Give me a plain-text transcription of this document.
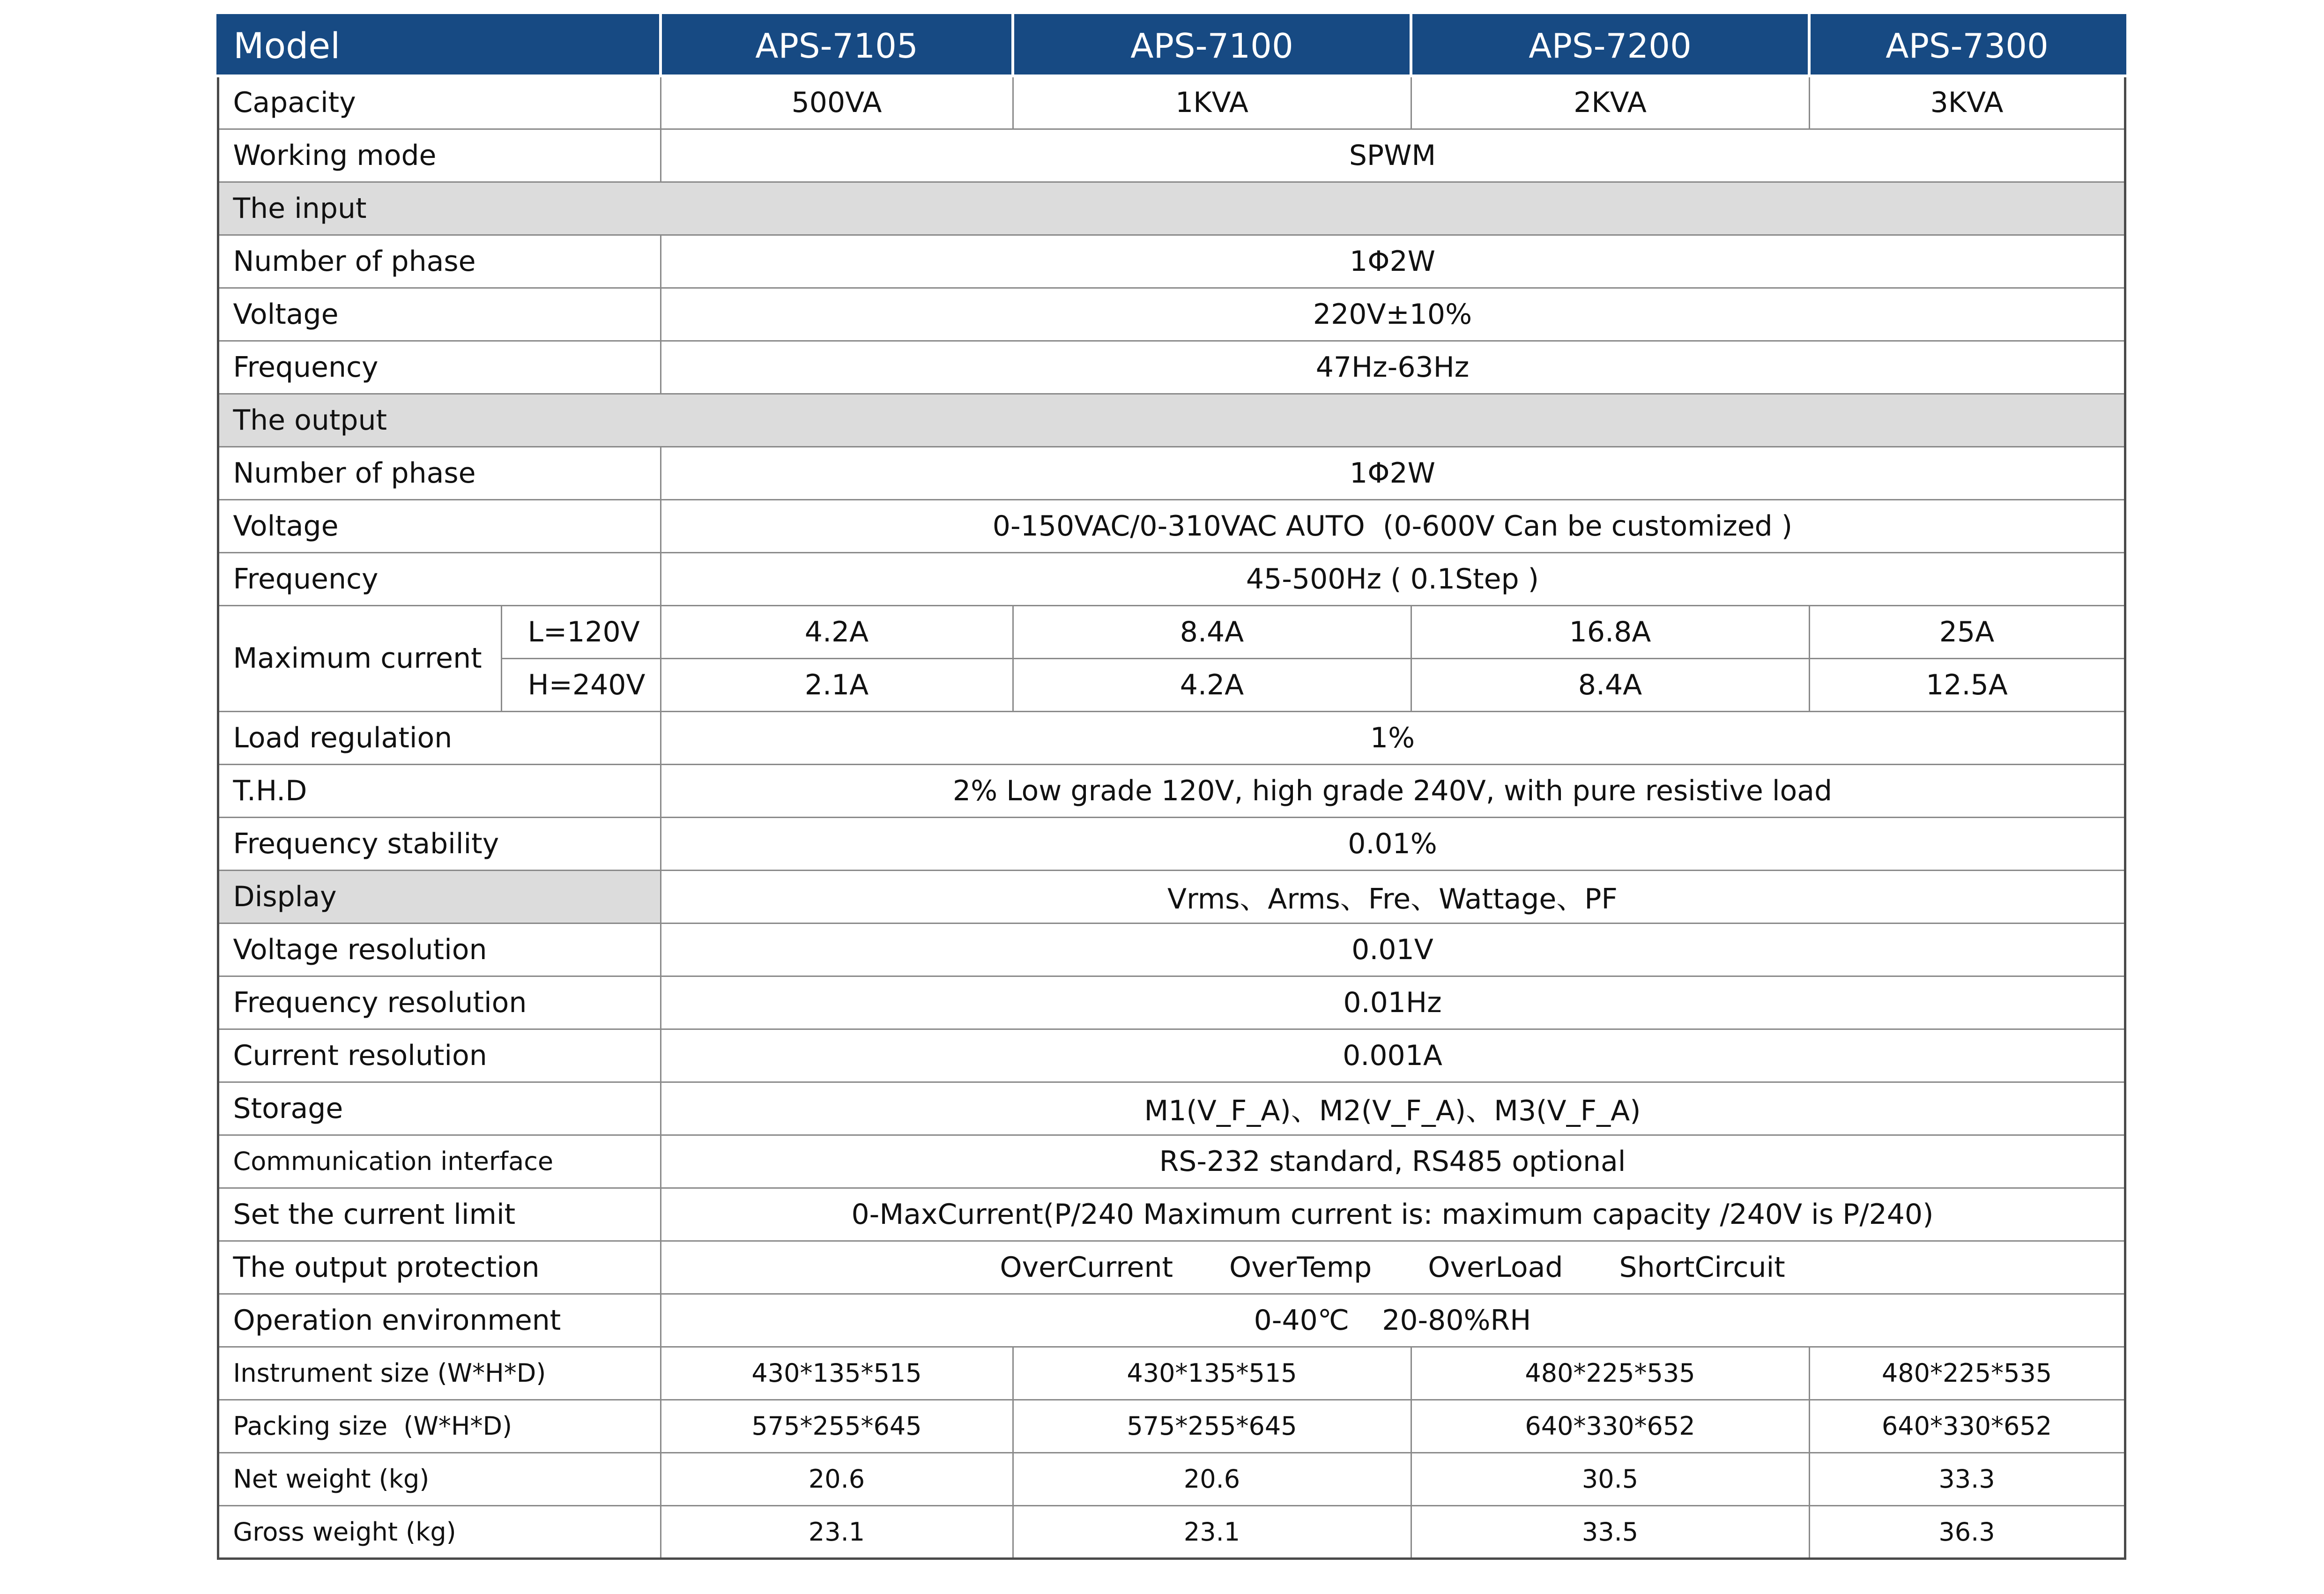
Model		APS-7105	APS-7100	APS-7200	APS-7300
Capacity		500VA	1KVA	2KVA	3KVA
Working mode		SPWM			
The input					
Number of phase		1Φ2W			
Voltage		220V±10%			
Frequency		47Hz-63Hz			
The output					
Number of phase		1Φ2W			
Voltage		0-150VAC/0-310VAC AUTO  (0-600V Can be customized )			
Frequency		45-500Hz ( 0.1Step )			
Maximum current	L=120V	4.2A	8.4A	16.8A	25A
	H=240V	2.1A	4.2A	8.4A	12.5A
Load regulation		1%			
T.H.D		2% Low grade 120V, high grade 240V, with pure resistive load			
Frequency stability		0.01%			
Display		Vrms、Arms、Fre、Wattage、PF			
Voltage resolution		0.01V			
Frequency resolution		0.01Hz			
Current resolution		0.001A			
Storage		M1(V_F_A)、M2(V_F_A)、M3(V_F_A)			
Communication interface		RS-232 standard, RS485 optional			
Set the current limit		0-MaxCurrent(P/240 Maximum current is: maximum capacity /240V is P/240)			
The output protection		OverCurrent OverTemp OverLoad ShortCircuit			
Operation environment		0-40℃ 20-80%RH			
Instrument size (W*H*D)		430*135*515	430*135*515	480*225*535	480*225*535
Packing size  (W*H*D)		575*255*645	575*255*645	640*330*652	640*330*652
Net weight (kg)		20.6	20.6	30.5	33.3
Gross weight (kg)		23.1	23.1	33.5	36.3
